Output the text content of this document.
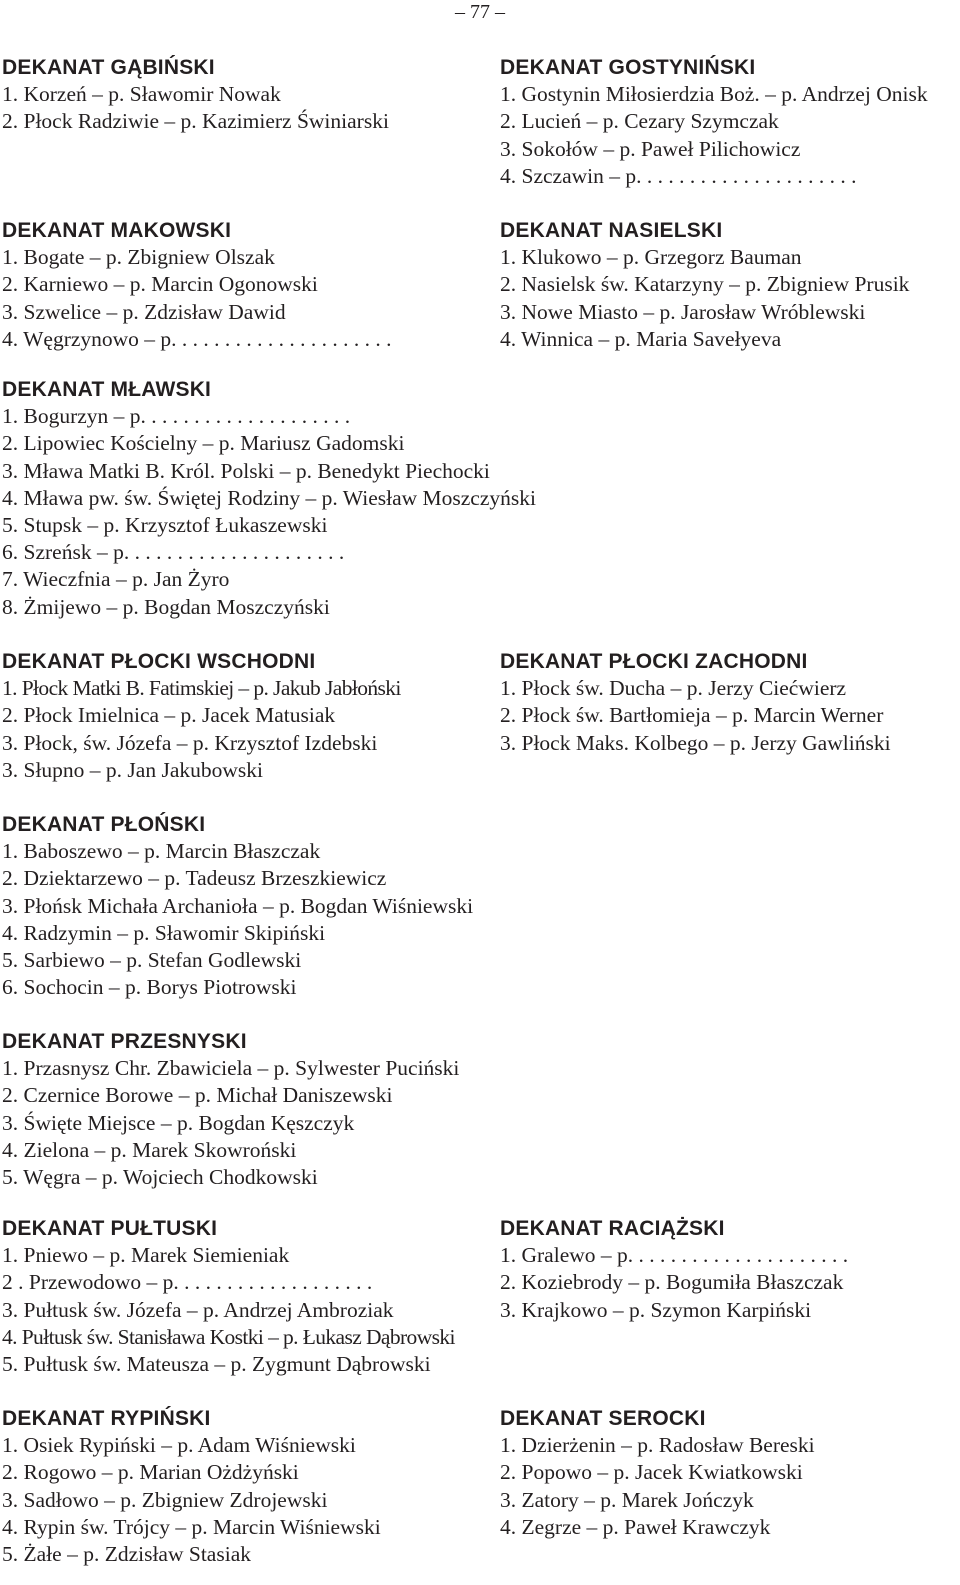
– 77 –
DEKANAT GĄBIŃSKI
1. Korzeń – p. Sławomir Nowak
2. Płock Radziwie – p. Kazimierz Świniarski
DEKANAT GOSTYNIŃSKI
1. Gostynin Miłosierdzia Boż. – p. Andrzej Onisk
2. Lucień – p. Cezary Szymczak
3. Sokołów – p. Paweł Pilichowicz
4. Szczawin – p. . . . . . . . . . . . . . . . . . . . .
DEKANAT MAKOWSKI
1. Bogate – p. Zbigniew Olszak
2. Karniewo – p. Marcin Ogonowski
3. Szwelice – p. Zdzisław Dawid
4. Węgrzynowo – p. . . . . . . . . . . . . . . . . . . . .
DEKANAT NASIELSKI
1. Klukowo – p. Grzegorz Bauman
2. Nasielsk św. Katarzyny – p. Zbigniew Prusik
3. Nowe Miasto – p. Jarosław Wróblewski
4. Winnica – p. Maria Savełyeva
DEKANAT MŁAWSKI
1. Bogurzyn – p. . . . . . . . . . . . . . . . . . . .
2. Lipowiec Kościelny – p. Mariusz Gadomski
3. Mława Matki B. Król. Polski – p. Benedykt Piechocki
4. Mława pw. św. Świętej Rodziny – p. Wiesław Moszczyński
5. Stupsk – p. Krzysztof Łukaszewski
6. Szreńsk – p. . . . . . . . . . . . . . . . . . . . .
7. Wieczfnia – p. Jan Żyro
8. Żmijewo – p. Bogdan Moszczyński
DEKANAT PŁOCKI WSCHODNI
1. Płock Matki B. Fatimskiej – p. Jakub Jabłoński
2. Płock Imielnica – p. Jacek Matusiak
3. Płock, św. Józefa – p. Krzysztof Izdebski
3. Słupno – p. Jan Jakubowski
DEKANAT PŁOCKI ZACHODNI
1. Płock św. Ducha – p. Jerzy Ciećwierz
2. Płock św. Bartłomieja – p. Marcin Werner
3. Płock Maks. Kolbego – p. Jerzy Gawliński
DEKANAT PŁOŃSKI
1. Baboszewo – p. Marcin Błaszczak
2. Dziektarzewo – p. Tadeusz Brzeszkiewicz
3. Płońsk Michała Archanioła – p. Bogdan Wiśniewski
4. Radzymin – p. Sławomir Skipiński
5. Sarbiewo – p. Stefan Godlewski
6. Sochocin – p. Borys Piotrowski
DEKANAT PRZESNYSKI
1. Przasnysz Chr. Zbawiciela – p. Sylwester Puciński
2. Czernice Borowe – p. Michał Daniszewski
3. Święte Miejsce – p. Bogdan Kęszczyk
4. Zielona – p. Marek Skowroński
5. Węgra – p. Wojciech Chodkowski
DEKANAT PUŁTUSKI
1. Pniewo – p. Marek Siemieniak
2 . Przewodowo – p. . . . . . . . . . . . . . . . . . .
3. Pułtusk św. Józefa – p. Andrzej Ambroziak
4. Pułtusk św. Stanisława Kostki – p. Łukasz Dąbrowski
5. Pułtusk św. Mateusza – p. Zygmunt Dąbrowski
DEKANAT RACIĄŻSKI
1. Gralewo – p. . . . . . . . . . . . . . . . . . . . .
2. Koziebrody – p. Bogumiła Błaszczak
3. Krajkowo – p. Szymon Karpiński
DEKANAT RYPIŃSKI
1. Osiek Rypiński – p. Adam Wiśniewski
2. Rogowo – p. Marian Ożdżyński
3. Sadłowo – p. Zbigniew Zdrojewski
4. Rypin św. Trójcy – p. Marcin Wiśniewski
5. Żałe – p. Zdzisław Stasiak
DEKANAT SEROCKI
1. Dzierżenin – p. Radosław Bereski
2. Popowo – p. Jacek Kwiatkowski
3. Zatory – p. Marek Jończyk
4. Zegrze – p. Paweł Krawczyk
